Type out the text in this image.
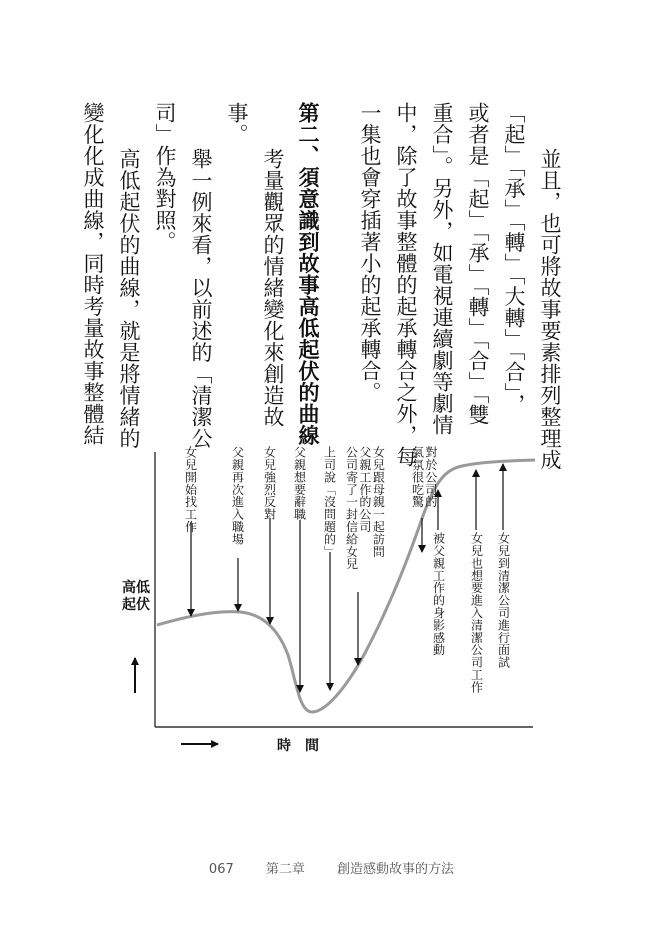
並且，也可將故事要素排列整理成
「起」「承」「轉」「大轉」「合」，
或者是「起」「承」「轉」「合」「雙
重合」。另外，如電視連續劇等劇情
中，除了故事整體的起承轉合之外，每
一集也會穿插著小的起承轉合。
第二、須意識到故事高低起伏的曲線
考量觀眾的情緒變化來創造故
事。
舉一例來看，以前述的「清潔公
司」作為對照。
高低起伏的曲線，就是將情緒的
變化化成曲線，同時考量故事整體結
高低
起伏
時間
女兒開始找工作	父親再次進入職場 女兒強烈反對 父親想要辭職 上司說「沒問題的」	女兒跟母親一起訪問
父親工作的公司
公司寄了一封信給女兒	對於公司的
氣氛很吃驚
被父親工作的身影感動 女兒也想要進入清潔公司工作 女兒到清潔公司進行面試
067 第二章 創造感動故事的方法
